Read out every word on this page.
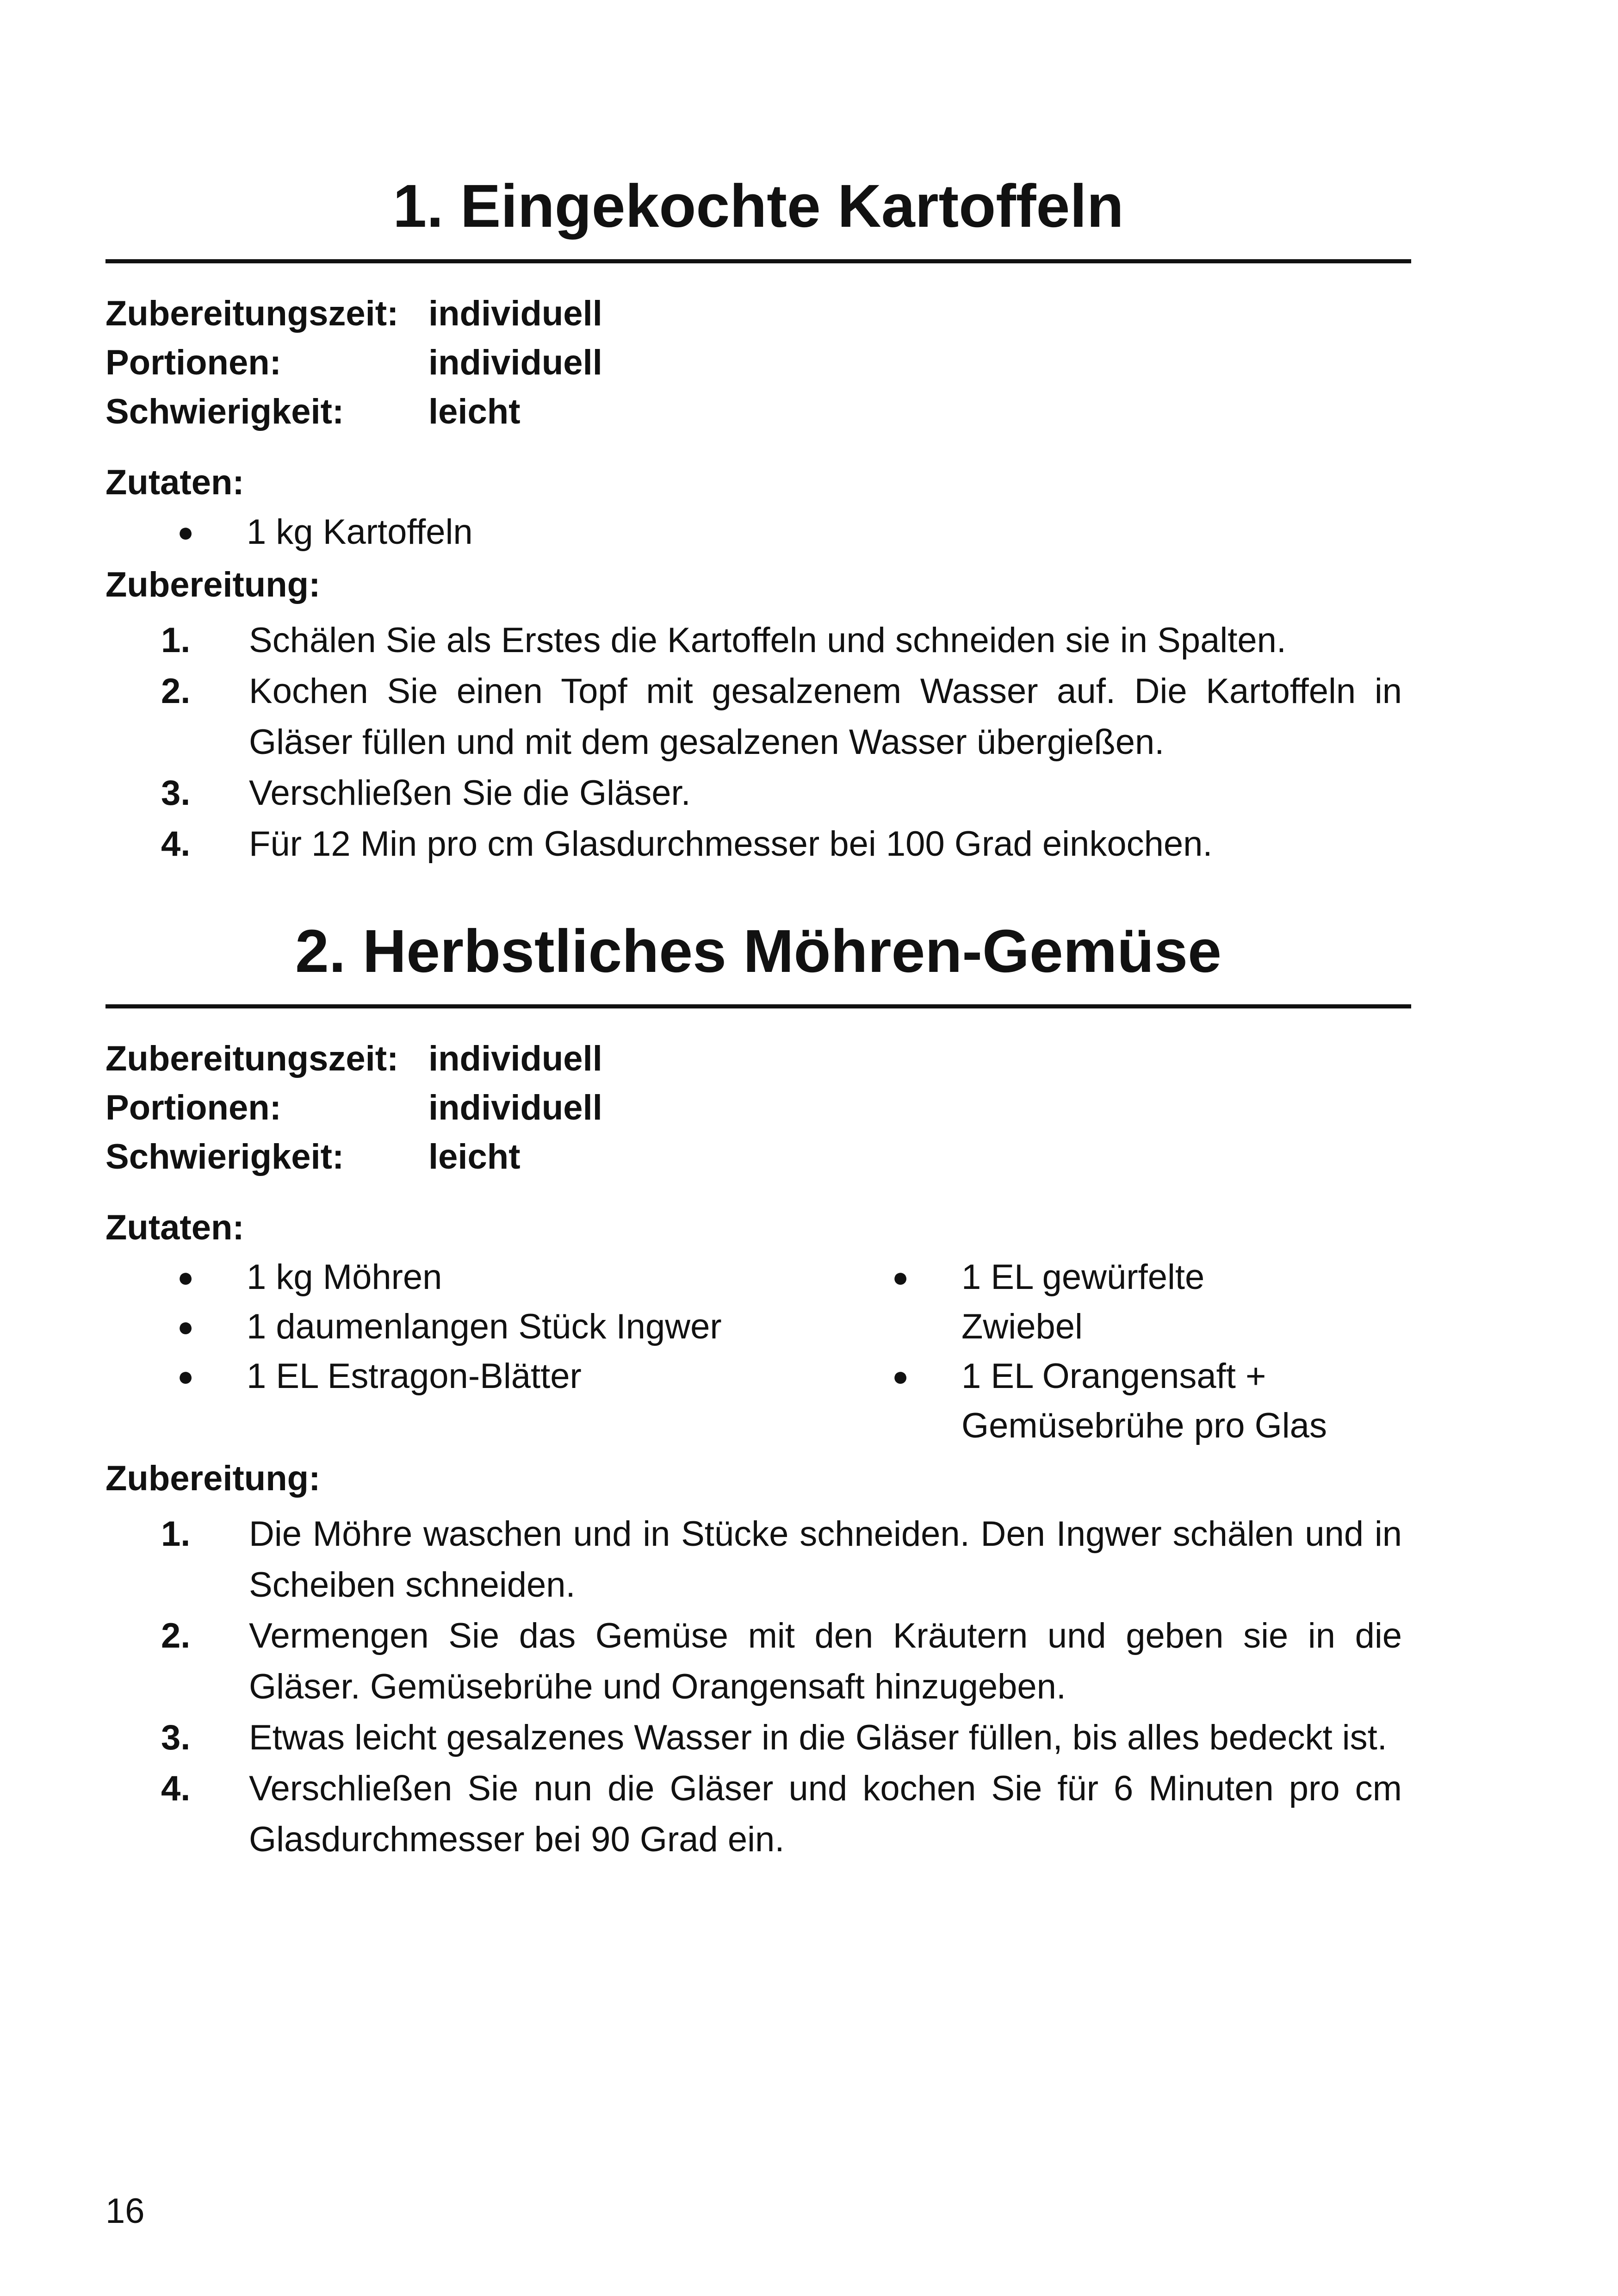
1. Eingekochte Kartoffeln
Zubereitungszeit:	individuell
Portionen:	individuell
Schwierigkeit:	leicht

Zutaten:

● 1 kg Kartoffeln

Zubereitung:

1. Schälen Sie als Erstes die Kartoffeln und schneiden sie in Spalten.
2. Kochen Sie einen Topf mit gesalzenem Wasser auf. Die Kartoffeln in Gläser füllen und mit dem gesalzenen Wasser übergießen.
3. Verschließen Sie die Gläser.
4. Für 12 Min pro cm Glasdurchmesser bei 100 Grad einkochen.
2. Herbstliches Möhren-Gemüse
Zubereitungszeit:	individuell
Portionen:	individuell
Schwierigkeit:	leicht

Zutaten:

● 1 kg Möhren
● 1 daumenlangen Stück Ingwer
● 1 EL Estragon-Blätter
● 1 EL gewürfelte Zwiebel
● 1 EL Orangensaft + Gemüsebrühe pro Glas

Zubereitung:

1. Die Möhre waschen und in Stücke schneiden. Den Ingwer schälen und in Scheiben schneiden.
2. Vermengen Sie das Gemüse mit den Kräutern und geben sie in die Gläser. Gemüsebrühe und Orangensaft hinzugeben.
3. Etwas leicht gesalzenes Wasser in die Gläser füllen, bis alles bedeckt ist.
4. Verschließen Sie nun die Gläser und kochen Sie für 6 Minuten pro cm Glasdurchmesser bei 90 Grad ein.
16
